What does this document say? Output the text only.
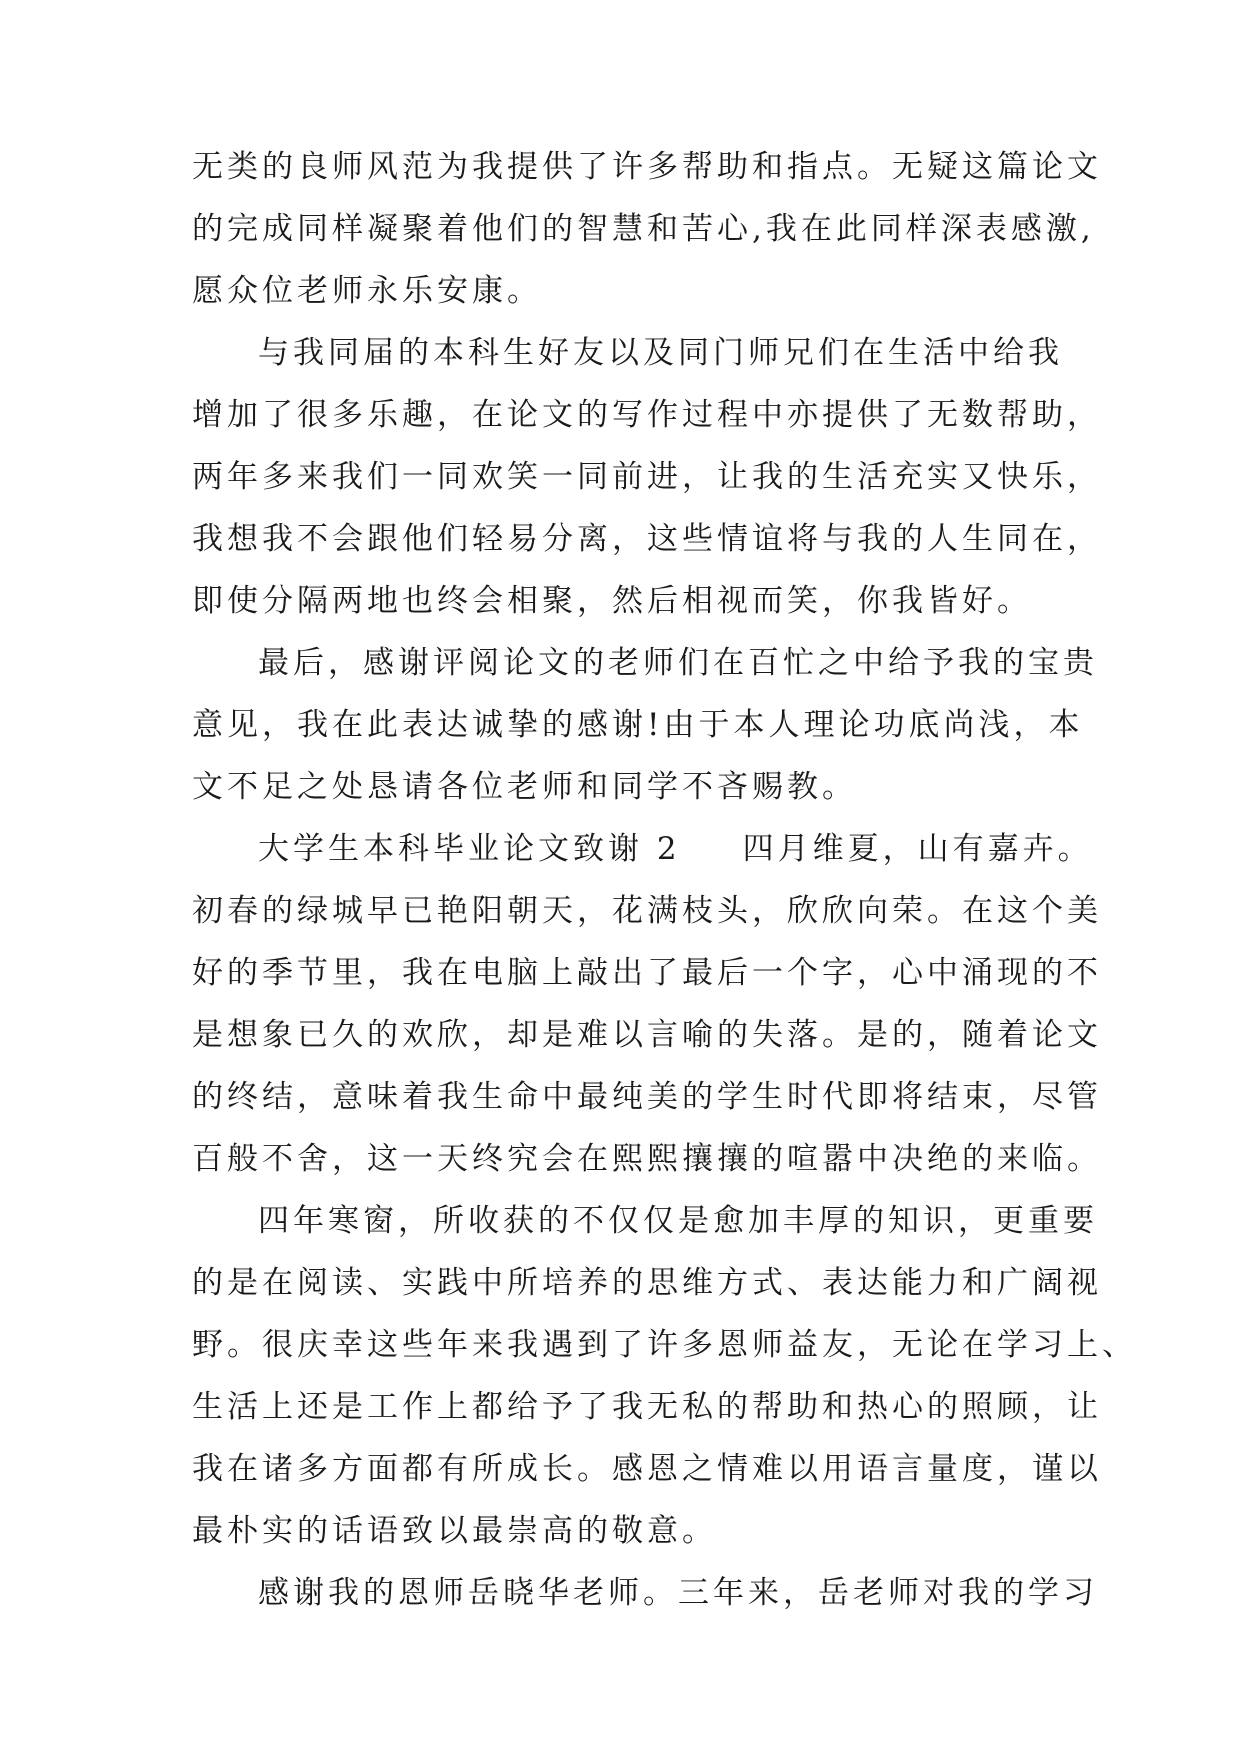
无类的良师风范为我提供了许多帮助和指点。无疑这篇论文
的完成同样凝聚着他们的智慧和苦心,我在此同样深表感激,
愿众位老师永乐安康。
与我同届的本科生好友以及同门师兄们在生活中给我
增加了很多乐趣，在论文的写作过程中亦提供了无数帮助，
两年多来我们一同欢笑一同前进，让我的生活充实又快乐，
我想我不会跟他们轻易分离，这些情谊将与我的人生同在，
即使分隔两地也终会相聚，然后相视而笑，你我皆好。
最后，感谢评阅论文的老师们在百忙之中给予我的宝贵
意见，我在此表达诚挚的感谢!由于本人理论功底尚浅，本
文不足之处恳请各位老师和同学不吝赐教。
大学生本科毕业论文致谢 2 四月维夏，山有嘉卉。
初春的绿城早已艳阳朝天，花满枝头，欣欣向荣。在这个美
好的季节里，我在电脑上敲出了最后一个字，心中涌现的不
是想象已久的欢欣，却是难以言喻的失落。是的，随着论文
的终结，意味着我生命中最纯美的学生时代即将结束，尽管
百般不舍，这一天终究会在熙熙攘攘的喧嚣中决绝的来临。
四年寒窗，所收获的不仅仅是愈加丰厚的知识，更重要
的是在阅读、实践中所培养的思维方式、表达能力和广阔视
野。很庆幸这些年来我遇到了许多恩师益友，无论在学习上、
生活上还是工作上都给予了我无私的帮助和热心的照顾，让
我在诸多方面都有所成长。感恩之情难以用语言量度，谨以
最朴实的话语致以最崇高的敬意。
感谢我的恩师岳晓华老师。三年来，岳老师对我的学习
